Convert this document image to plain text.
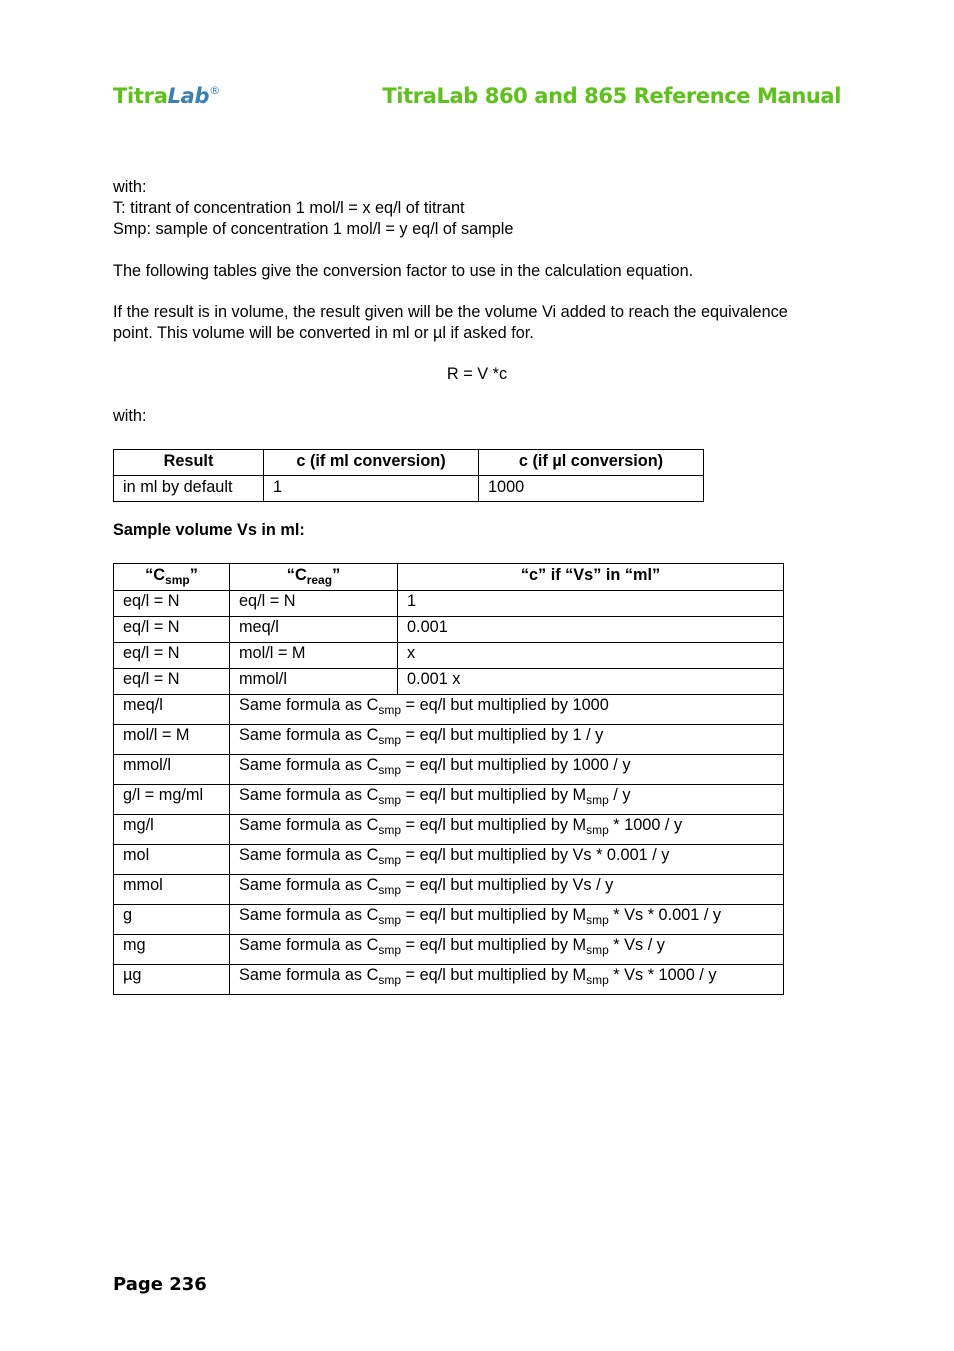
TitraLab®	TitraLab 860 and 865 Reference Manual
with:
T: titrant of concentration 1 mol/l = x eq/l of titrant
Smp: sample of concentration 1 mol/l = y eq/l of sample
The following tables give the conversion factor to use in the calculation equation.
If the result is in volume, the result given will be the volume Vi added to reach the equivalence
point. This volume will be converted in ml or µl if asked for.
R = V *c
with:
Result	c (if ml conversion)	c (if µl conversion)
in ml by default	1	1000
Sample volume Vs in ml:
“$C_{smp}$”	“$C_{reag}$”	“c” if “Vs” in “ml”
eq/l = N	eq/l = N	1
eq/l = N	meq/l	0.001
eq/l = N	mol/l = M	x
eq/l = N	mmol/l	0.001 x
meq/l	Same formula as $C_{smp} = eq/l$ but multiplied by 1000	
mol/l = M	Same formula as $C_{smp} = eq/l$ but multiplied by 1 / y	
mmol/l	Same formula as $C_{smp} = eq/l$ but multiplied by 1000 / y	
g/l = mg/ml	Same formula as $C_{smp} = eq/l$ but multiplied by $M_{smp}$ / y	
mg/l	Same formula as $C_{smp} = eq/l$ but multiplied by $M_{smp} * 1000$ / y	
mol	Same formula as $C_{smp} = eq/l$ but multiplied by Vs * 0.001 / y	
mmol	Same formula as $C_{smp} = eq/l$ but multiplied by Vs / y	
g	Same formula as $C_{smp} = eq/l$ but multiplied by $M_{smp}$ * Vs * 0.001 / y	
mg	Same formula as $C_{smp} = eq/l$ but multiplied by $M_{smp}$ * Vs / y	
µg	Same formula as $C_{smp} = eq/l$ but multiplied by $M_{smp}$ * Vs * 1000 / y	
Page 236
